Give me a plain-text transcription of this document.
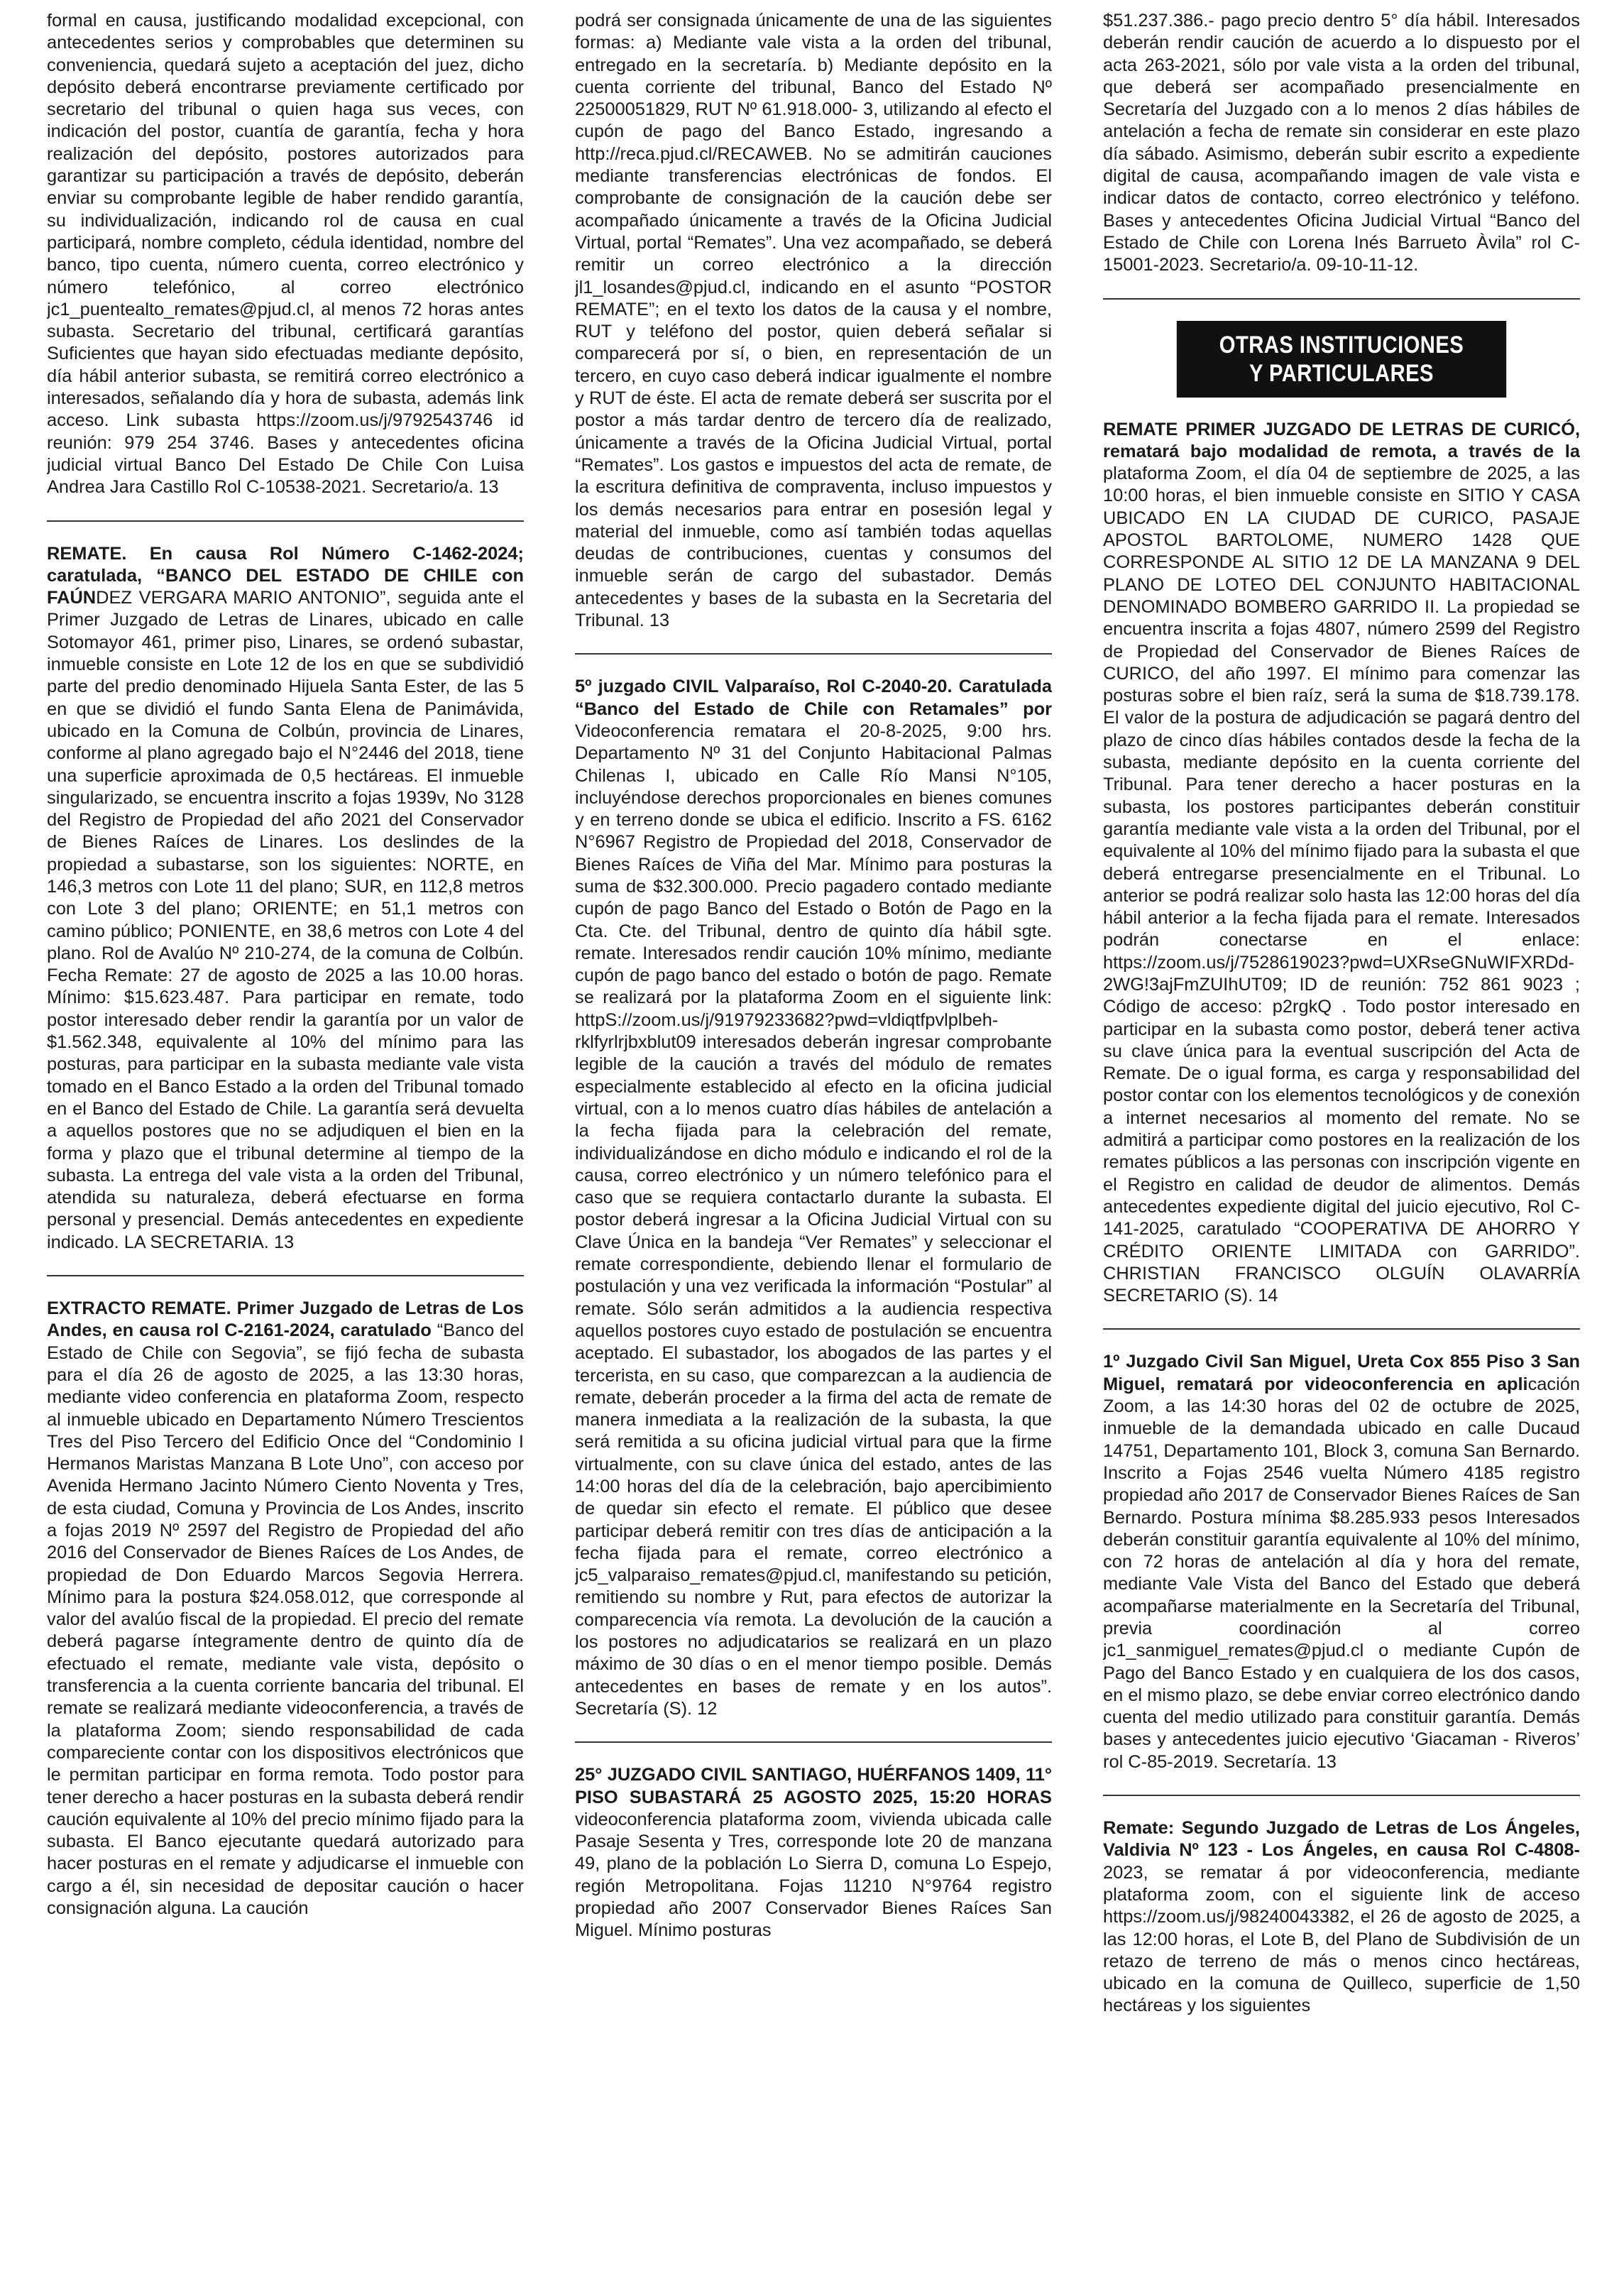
formal en causa, justificando modalidad excepcional, con antecedentes serios y comprobables que determinen su conveniencia, quedará sujeto a aceptación del juez, dicho depósito deberá encontrarse previamente certificado por secretario del tribunal o quien haga sus veces, con indicación del postor, cuantía de garantía, fecha y hora realización del depósito, postores autorizados para garantizar su participación a través de depósito, deberán enviar su comprobante legible de haber rendido garantía, su individualización, indicando rol de causa en cual participará, nombre completo, cédula identidad, nombre del banco, tipo cuenta, número cuenta, correo electrónico y número telefónico, al correo electrónico jc1_puentealto_remates@pjud.cl, al menos 72 horas antes subasta. Secretario del tribunal, certificará garantías Suficientes que hayan sido efectuadas mediante depósito, día hábil anterior subasta, se remitirá correo electrónico a interesados, señalando día y hora de subasta, además link acceso. Link subasta https://zoom.us/j/9792543746 id reunión: 979 254 3746. Bases y antecedentes oficina judicial virtual Banco Del Estado De Chile Con Luisa Andrea Jara Castillo Rol C-10538-2021. Secretario/a. 13

REMATE. En causa Rol Número C-1462-2024; caratulada, “BANCO DEL ESTADO DE CHILE con FAÚNDEZ VERGARA MARIO ANTONIO”, seguida ante el Primer Juzgado de Letras de Linares, ubicado en calle Sotomayor 461, primer piso, Linares, se ordenó subastar, inmueble consiste en Lote 12 de los en que se subdividió parte del predio denominado Hijuela Santa Ester, de las 5 en que se dividió el fundo Santa Elena de Panimávida, ubicado en la Comuna de Colbún, provincia de Linares, conforme al plano agregado bajo el N°2446 del 2018, tiene una superficie aproximada de 0,5 hectáreas. El inmueble singularizado, se encuentra inscrito a fojas 1939v, No 3128 del Registro de Propiedad del año 2021 del Conservador de Bienes Raíces de Linares. Los deslindes de la propiedad a subastarse, son los siguientes: NORTE, en 146,3 metros con Lote 11 del plano; SUR, en 112,8 metros con Lote 3 del plano; ORIENTE; en 51,1 metros con camino público; PONIENTE, en 38,6 metros con Lote 4 del plano. Rol de Avalúo Nº 210-274, de la comuna de Colbún. Fecha Remate: 27 de agosto de 2025 a las 10.00 horas. Mínimo: $15.623.487. Para participar en remate, todo postor interesado deber rendir la garantía por un valor de $1.562.348, equivalente al 10% del mínimo para las posturas, para participar en la subasta mediante vale vista tomado en el Banco Estado a la orden del Tribunal tomado en el Banco del Estado de Chile. La garantía será devuelta a aquellos postores que no se adjudiquen el bien en la forma y plazo que el tribunal determine al tiempo de la subasta. La entrega del vale vista a la orden del Tribunal, atendida su naturaleza, deberá efectuarse en forma personal y presencial. Demás antecedentes en expediente indicado. LA SECRETARIA. 13

EXTRACTO REMATE. Primer Juzgado de Letras de Los Andes, en causa rol C-2161-2024, caratulado “Banco del Estado de Chile con Segovia”, se fijó fecha de subasta para el día 26 de agosto de 2025, a las 13:30 horas, mediante video conferencia en plataforma Zoom, respecto al inmueble ubicado en Departamento Número Trescientos Tres del Piso Tercero del Edificio Once del “Condominio I Hermanos Maristas Manzana B Lote Uno”, con acceso por Avenida Hermano Jacinto Número Ciento Noventa y Tres, de esta ciudad, Comuna y Provincia de Los Andes, inscrito a fojas 2019 Nº 2597 del Registro de Propiedad del año 2016 del Conservador de Bienes Raíces de Los Andes, de propiedad de Don Eduardo Marcos Segovia Herrera. Mínimo para la postura $24.058.012, que corresponde al valor del avalúo fiscal de la propiedad. El precio del remate deberá pagarse íntegramente dentro de quinto día de efectuado el remate, mediante vale vista, depósito o transferencia a la cuenta corriente bancaria del tribunal. El remate se realizará mediante videoconferencia, a través de la plataforma Zoom; siendo responsabilidad de cada compareciente contar con los dispositivos electrónicos que le permitan participar en forma remota. Todo postor para tener derecho a hacer posturas en la subasta deberá rendir caución equivalente al 10% del precio mínimo fijado para la subasta. El Banco ejecutante quedará autorizado para hacer posturas en el remate y adjudicarse el inmueble con cargo a él, sin necesidad de depositar caución o hacer consignación alguna. La caución

podrá ser consignada únicamente de una de las siguientes formas: a) Mediante vale vista a la orden del tribunal, entregado en la secretaría. b) Mediante depósito en la cuenta corriente del tribunal, Banco del Estado Nº 22500051829, RUT Nº 61.918.000- 3, utilizando al efecto el cupón de pago del Banco Estado, ingresando a http://reca.pjud.cl/RECAWEB. No se admitirán cauciones mediante transferencias electrónicas de fondos. El comprobante de consignación de la caución debe ser acompañado únicamente a través de la Oficina Judicial Virtual, portal “Remates”. Una vez acompañado, se deberá remitir un correo electrónico a la dirección jl1_losandes@pjud.cl, indicando en el asunto “POSTOR REMATE”; en el texto los datos de la causa y el nombre, RUT y teléfono del postor, quien deberá señalar si comparecerá por sí, o bien, en representación de un tercero, en cuyo caso deberá indicar igualmente el nombre y RUT de éste. El acta de remate deberá ser suscrita por el postor a más tardar dentro de tercero día de realizado, únicamente a través de la Oficina Judicial Virtual, portal “Remates”. Los gastos e impuestos del acta de remate, de la escritura definitiva de compraventa, incluso impuestos y los demás necesarios para entrar en posesión legal y material del inmueble, como así también todas aquellas deudas de contribuciones, cuentas y consumos del inmueble serán de cargo del subastador. Demás antecedentes y bases de la subasta en la Secretaria del Tribunal. 13

5º juzgado CIVIL Valparaíso, Rol C-2040-20. Caratulada “Banco del Estado de Chile con Retamales” por Videoconferencia rematara el 20-8-2025, 9:00 hrs. Departamento Nº 31 del Conjunto Habitacional Palmas Chilenas I, ubicado en Calle Río Mansi N°105, incluyéndose derechos proporcionales en bienes comunes y en terreno donde se ubica el edificio. Inscrito a FS. 6162 N°6967 Registro de Propiedad del 2018, Conservador de Bienes Raíces de Viña del Mar. Mínimo para posturas la suma de $32.300.000. Precio pagadero contado mediante cupón de pago Banco del Estado o Botón de Pago en la Cta. Cte. del Tribunal, dentro de quinto día hábil sgte. remate. Interesados rendir caución 10% mínimo, mediante cupón de pago banco del estado o botón de pago. Remate se realizará por la plataforma Zoom en el siguiente link: httpS://zoom.us/j/91979233682?pwd=vldiqtfpvlplbeh-rklfyrlrjbxblut09 interesados deberán ingresar comprobante legible de la caución a través del módulo de remates especialmente establecido al efecto en la oficina judicial virtual, con a lo menos cuatro días hábiles de antelación a la fecha fijada para la celebración del remate, individualizándose en dicho módulo e indicando el rol de la causa, correo electrónico y un número telefónico para el caso que se requiera contactarlo durante la subasta. El postor deberá ingresar a la Oficina Judicial Virtual con su Clave Única en la bandeja “Ver Remates” y seleccionar el remate correspondiente, debiendo llenar el formulario de postulación y una vez verificada la información “Postular” al remate. Sólo serán admitidos a la audiencia respectiva aquellos postores cuyo estado de postulación se encuentra aceptado. El subastador, los abogados de las partes y el tercerista, en su caso, que comparezcan a la audiencia de remate, deberán proceder a la firma del acta de remate de manera inmediata a la realización de la subasta, la que será remitida a su oficina judicial virtual para que la firme virtualmente, con su clave única del estado, antes de las 14:00 horas del día de la celebración, bajo apercibimiento de quedar sin efecto el remate. El público que desee participar deberá remitir con tres días de anticipación a la fecha fijada para el remate, correo electrónico a jc5_valparaiso_remates@pjud.cl, manifestando su petición, remitiendo su nombre y Rut, para efectos de autorizar la comparecencia vía remota. La devolución de la caución a los postores no adjudicatarios se realizará en un plazo máximo de 30 días o en el menor tiempo posible. Demás antecedentes en bases de remate y en los autos”. Secretaría (S). 12

25° JUZGADO CIVIL SANTIAGO, HUÉRFANOS 1409, 11° PISO SUBASTARÁ 25 AGOSTO 2025, 15:20 HORAS videoconferencia plataforma zoom, vivienda ubicada calle Pasaje Sesenta y Tres, corresponde lote 20 de manzana 49, plano de la población Lo Sierra D, comuna Lo Espejo, región Metropolitana. Fojas 11210 N°9764 registro propiedad año 2007 Conservador Bienes Raíces San Miguel. Mínimo posturas

$51.237.386.- pago precio dentro 5° día hábil. Interesados deberán rendir caución de acuerdo a lo dispuesto por el acta 263-2021, sólo por vale vista a la orden del tribunal, que deberá ser acompañado presencialmente en Secretaría del Juzgado con a lo menos 2 días hábiles de antelación a fecha de remate sin considerar en este plazo día sábado. Asimismo, deberán subir escrito a expediente digital de causa, acompañando imagen de vale vista e indicar datos de contacto, correo electrónico y teléfono. Bases y antecedentes Oficina Judicial Virtual “Banco del Estado de Chile con Lorena Inés Barrueto Àvila” rol C-15001-2023. Secretario/a. 09-10-11-12.

OTRAS INSTITUCIONES
Y PARTICULARES

REMATE PRIMER JUZGADO DE LETRAS DE CURICÓ, rematará bajo modalidad de remota, a través de la plataforma Zoom, el día 04 de septiembre de 2025, a las 10:00 horas, el bien inmueble consiste en SITIO Y CASA UBICADO EN LA CIUDAD DE CURICO, PASAJE APOSTOL BARTOLOME, NUMERO 1428 QUE CORRESPONDE AL SITIO 12 DE LA MANZANA 9 DEL PLANO DE LOTEO DEL CONJUNTO HABITACIONAL DENOMINADO BOMBERO GARRIDO II. La propiedad se encuentra inscrita a fojas 4807, número 2599 del Registro de Propiedad del Conservador de Bienes Raíces de CURICO, del año 1997. El mínimo para comenzar las posturas sobre el bien raíz, será la suma de $18.739.178. El valor de la postura de adjudicación se pagará dentro del plazo de cinco días hábiles contados desde la fecha de la subasta, mediante depósito en la cuenta corriente del Tribunal. Para tener derecho a hacer posturas en la subasta, los postores participantes deberán constituir garantía mediante vale vista a la orden del Tribunal, por el equivalente al 10% del mínimo fijado para la subasta el que deberá entregarse presencialmente en el Tribunal. Lo anterior se podrá realizar solo hasta las 12:00 horas del día hábil anterior a la fecha fijada para el remate. Interesados podrán conectarse en el enlace: https://zoom.us/j/7528619023?pwd=UXRseGNuWIFXRDd-2WG!3ajFmZUIhUT09; ID de reunión: 752 861 9023 ; Código de acceso: p2rgkQ . Todo postor interesado en participar en la subasta como postor, deberá tener activa su clave única para la eventual suscripción del Acta de Remate. De o igual forma, es carga y responsabilidad del postor contar con los elementos tecnológicos y de conexión a internet necesarios al momento del remate. No se admitirá a participar como postores en la realización de los remates públicos a las personas con inscripción vigente en el Registro en calidad de deudor de alimentos. Demás antecedentes expediente digital del juicio ejecutivo, Rol C-141-2025, caratulado “COOPERATIVA DE AHORRO Y CRÉDITO ORIENTE LIMITADA con GARRIDO”. CHRISTIAN FRANCISCO OLGUÍN OLAVARRÍA SECRETARIO (S). 14

1º Juzgado Civil San Miguel, Ureta Cox 855 Piso 3 San Miguel, rematará por videoconferencia en aplicación Zoom, a las 14:30 horas del 02 de octubre de 2025, inmueble de la demandada ubicado en calle Ducaud 14751, Departamento 101, Block 3, comuna San Bernardo. Inscrito a Fojas 2546 vuelta Número 4185 registro propiedad año 2017 de Conservador Bienes Raíces de San Bernardo. Postura mínima $8.285.933 pesos Interesados deberán constituir garantía equivalente al 10% del mínimo, con 72 horas de antelación al día y hora del remate, mediante Vale Vista del Banco del Estado que deberá acompañarse materialmente en la Secretaría del Tribunal, previa coordinación al correo jc1_sanmiguel_remates@pjud.cl o mediante Cupón de Pago del Banco Estado y en cualquiera de los dos casos, en el mismo plazo, se debe enviar correo electrónico dando cuenta del medio utilizado para constituir garantía. Demás bases y antecedentes juicio ejecutivo ‘Giacaman - Riveros’ rol C-85-2019. Secretaría. 13

Remate: Segundo Juzgado de Letras de Los Ángeles, Valdivia Nº 123 - Los Ángeles, en causa Rol C-4808-2023, se rematar á por videoconferencia, mediante plataforma zoom, con el siguiente link de acceso https://zoom.us/j/98240043382, el 26 de agosto de 2025, a las 12:00 horas, el Lote B, del Plano de Subdivisión de un retazo de terreno de más o menos cinco hectáreas, ubicado en la comuna de Quilleco, superficie de 1,50 hectáreas y los siguientes
